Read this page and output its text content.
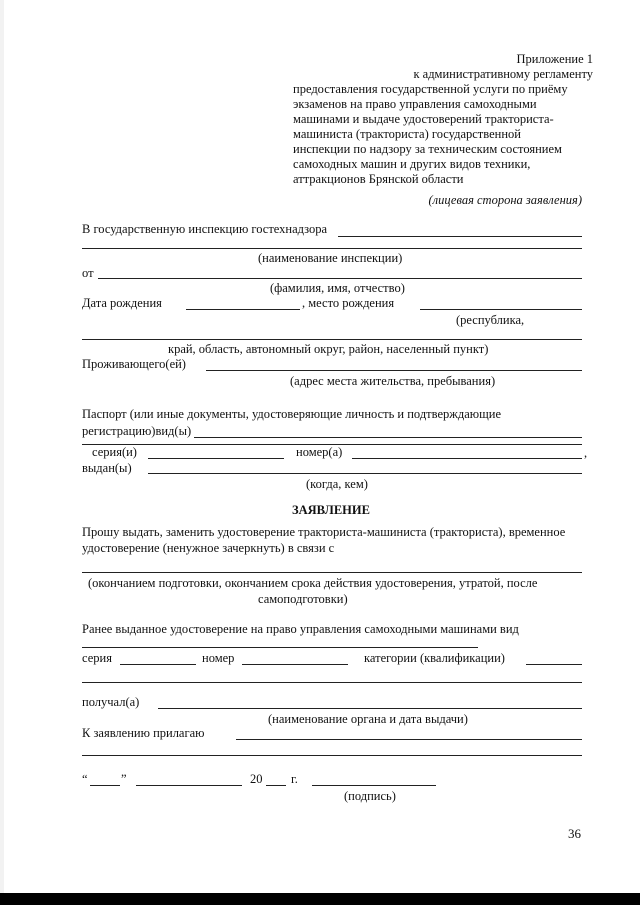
Приложение 1
к административному регламенту
предоставления государственной услуги по приёму
экзаменов на право управления самоходными
машинами и выдаче удостоверений тракториста-
машиниста (тракториста) государственной
инспекции по надзору за техническим состоянием
самоходных машин и других видов техники,
аттракционов Брянской области
(лицевая сторона заявления)
В государственную инспекцию гостехнадзора
(наименование инспекции)
от
(фамилия, имя, отчество)
Дата рождения	, место рождения
(республика,
край, область, автономный округ, район, населенный пункт)
Проживающего(ей)
(адрес места жительства, пребывания)
Паспорт (или иные документы, удостоверяющие личность и подтверждающие
регистрацию)вид(ы)
серия(и)	номер(а)	,
выдан(ы)
(когда, кем)
ЗАЯВЛЕНИЕ
Прошу выдать, заменить удостоверение тракториста-машиниста (тракториста), временное
удостоверение (ненужное зачеркнуть) в связи с
(окончанием подготовки, окончанием срока действия удостоверения, утратой, после
самоподготовки)
Ранее выданное удостоверение на право управления самоходными машинами вид
серия	номер	категории (квалификации)
получал(а)
(наименование органа и дата выдачи)
К заявлению прилагаю
“	”	20 г.
(подпись)
36
